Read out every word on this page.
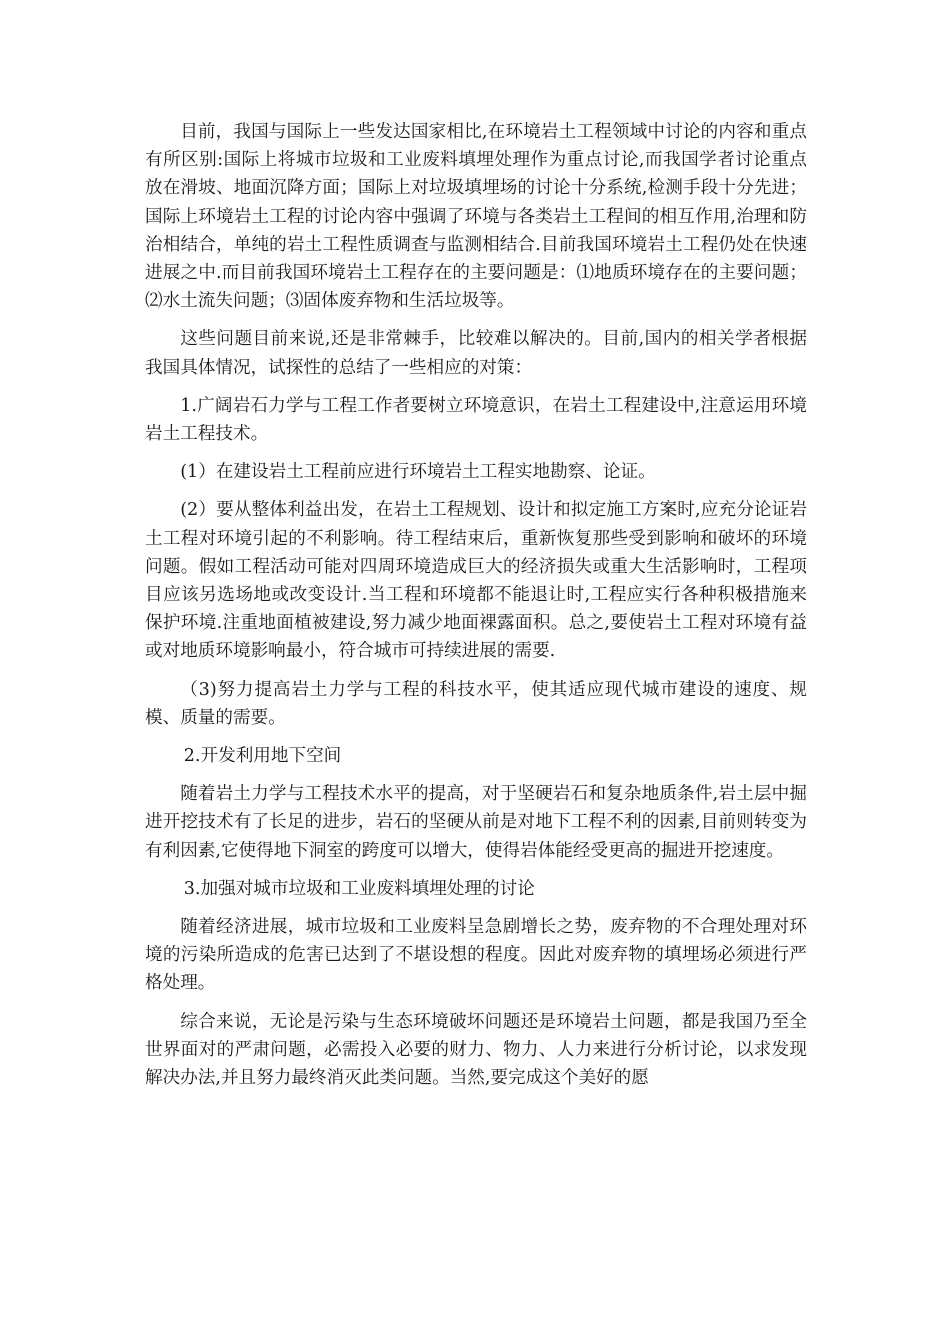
目前，我国与国际上一些发达国家相比,在环境岩土工程领域中讨论的内容和重点有所区别:国际上将城市垃圾和工业废料填埋处理作为重点讨论,而我国学者讨论重点放在滑坡、地面沉降方面；国际上对垃圾填埋场的讨论十分系统,检测手段十分先进；国际上环境岩土工程的讨论内容中强调了环境与各类岩土工程间的相互作用,治理和防治相结合，单纯的岩土工程性质调查与监测相结合.目前我国环境岩土工程仍处在快速进展之中.而目前我国环境岩土工程存在的主要问题是：⑴地质环境存在的主要问题；⑵水土流失问题；⑶固体废弃物和生活垃圾等。

这些问题目前来说,还是非常棘手，比较难以解决的。目前,国内的相关学者根据我国具体情况，试探性的总结了一些相应的对策：

1.广阔岩石力学与工程工作者要树立环境意识，在岩土工程建设中,注意运用环境岩土工程技术。

(1）在建设岩土工程前应进行环境岩土工程实地勘察、论证。

(2）要从整体利益出发，在岩土工程规划、设计和拟定施工方案时,应充分论证岩土工程对环境引起的不利影响。待工程结束后，重新恢复那些受到影响和破坏的环境问题。假如工程活动可能对四周环境造成巨大的经济损失或重大生活影响时，工程项目应该另选场地或改变设计.当工程和环境都不能退让时,工程应实行各种积极措施来保护环境.注重地面植被建设,努力减少地面裸露面积。总之,要使岩土工程对环境有益或对地质环境影响最小，符合城市可持续进展的需要.

（3)努力提高岩土力学与工程的科技水平，使其适应现代城市建设的速度、规模、质量的需要。

2.开发利用地下空间

随着岩土力学与工程技术水平的提高，对于坚硬岩石和复杂地质条件,岩土层中掘进开挖技术有了长足的进步，岩石的坚硬从前是对地下工程不利的因素,目前则转变为有利因素,它使得地下洞室的跨度可以增大，使得岩体能经受更高的掘进开挖速度。

3.加强对城市垃圾和工业废料填埋处理的讨论

随着经济进展，城市垃圾和工业废料呈急剧增长之势，废弃物的不合理处理对环境的污染所造成的危害已达到了不堪设想的程度。因此对废弃物的填埋场必须进行严格处理。

综合来说，无论是污染与生态环境破坏问题还是环境岩土问题，都是我国乃至全世界面对的严肃问题，必需投入必要的财力、物力、人力来进行分析讨论，以求发现解决办法,并且努力最终消灭此类问题。当然,要完成这个美好的愿
